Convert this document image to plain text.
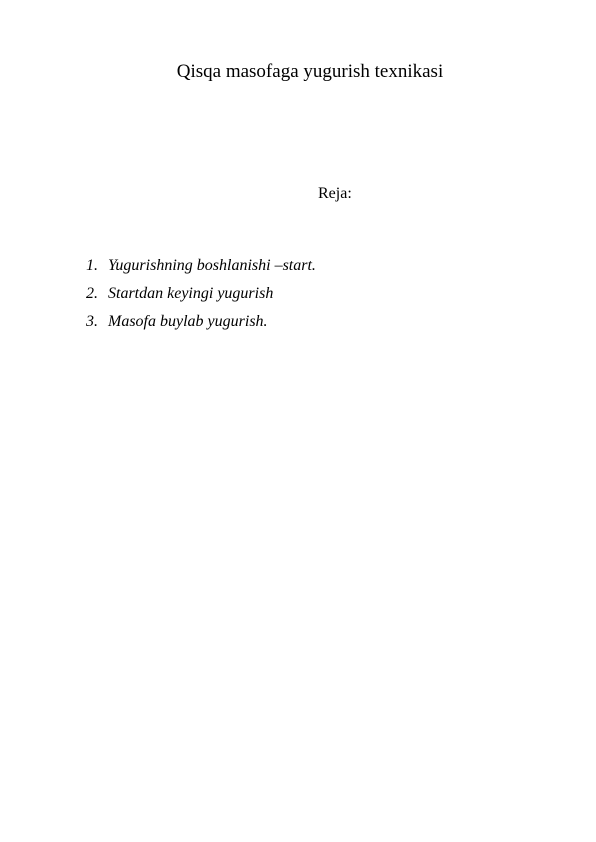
Qisqa masofaga yugurish texnikasi

Reja:

1. Yugurishning boshlanishi –start.
2. Startdan keyingi yugurish
3. Masofa buylab yugurish.
